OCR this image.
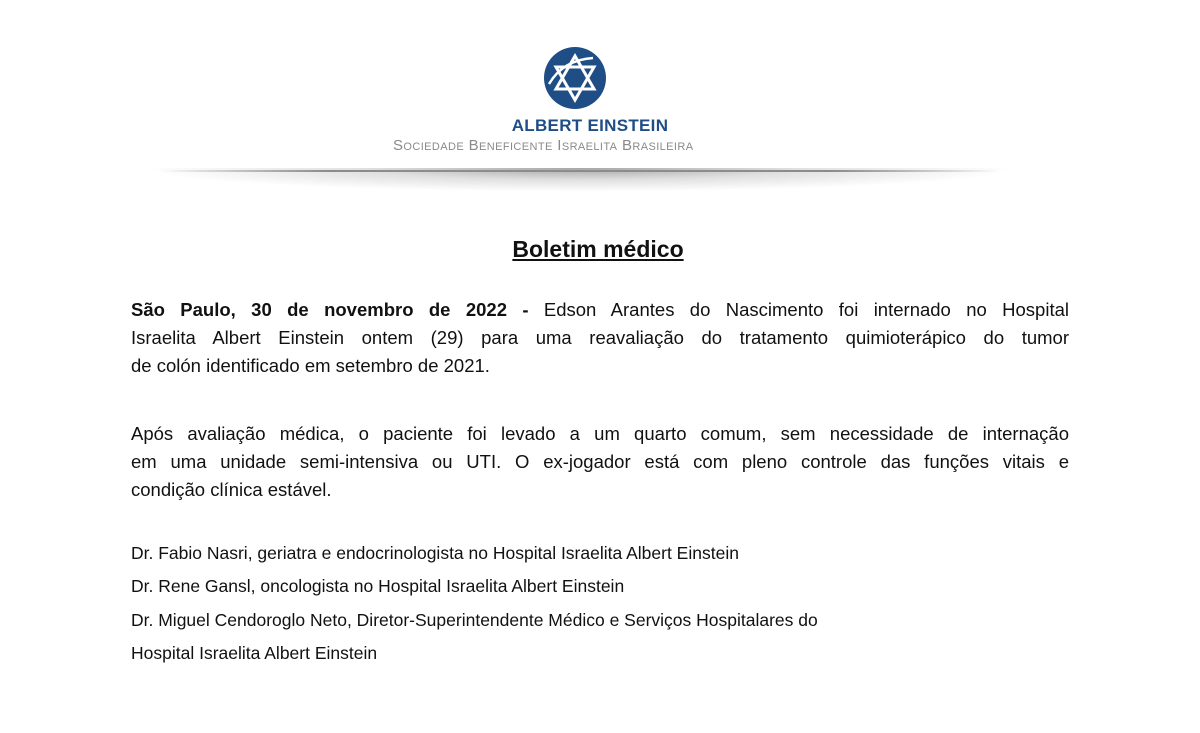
ALBERT EINSTEIN
Sociedade Beneficente Israelita Brasileira
Boletim médico
São Paulo, 30 de novembro de 2022 - Edson Arantes do Nascimento foi internado no Hospital
Israelita Albert Einstein ontem (29) para uma reavaliação do tratamento quimioterápico do tumor
de colón identificado em setembro de 2021.
Após avaliação médica, o paciente foi levado a um quarto comum, sem necessidade de internação
em uma unidade semi-intensiva ou UTI. O ex-jogador está com pleno controle das funções vitais e
condição clínica estável.
Dr. Fabio Nasri, geriatra e endocrinologista no Hospital Israelita Albert Einstein
Dr. Rene Gansl, oncologista no Hospital Israelita Albert Einstein
Dr. Miguel Cendoroglo Neto, Diretor-Superintendente Médico e Serviços Hospitalares do
Hospital Israelita Albert Einstein
